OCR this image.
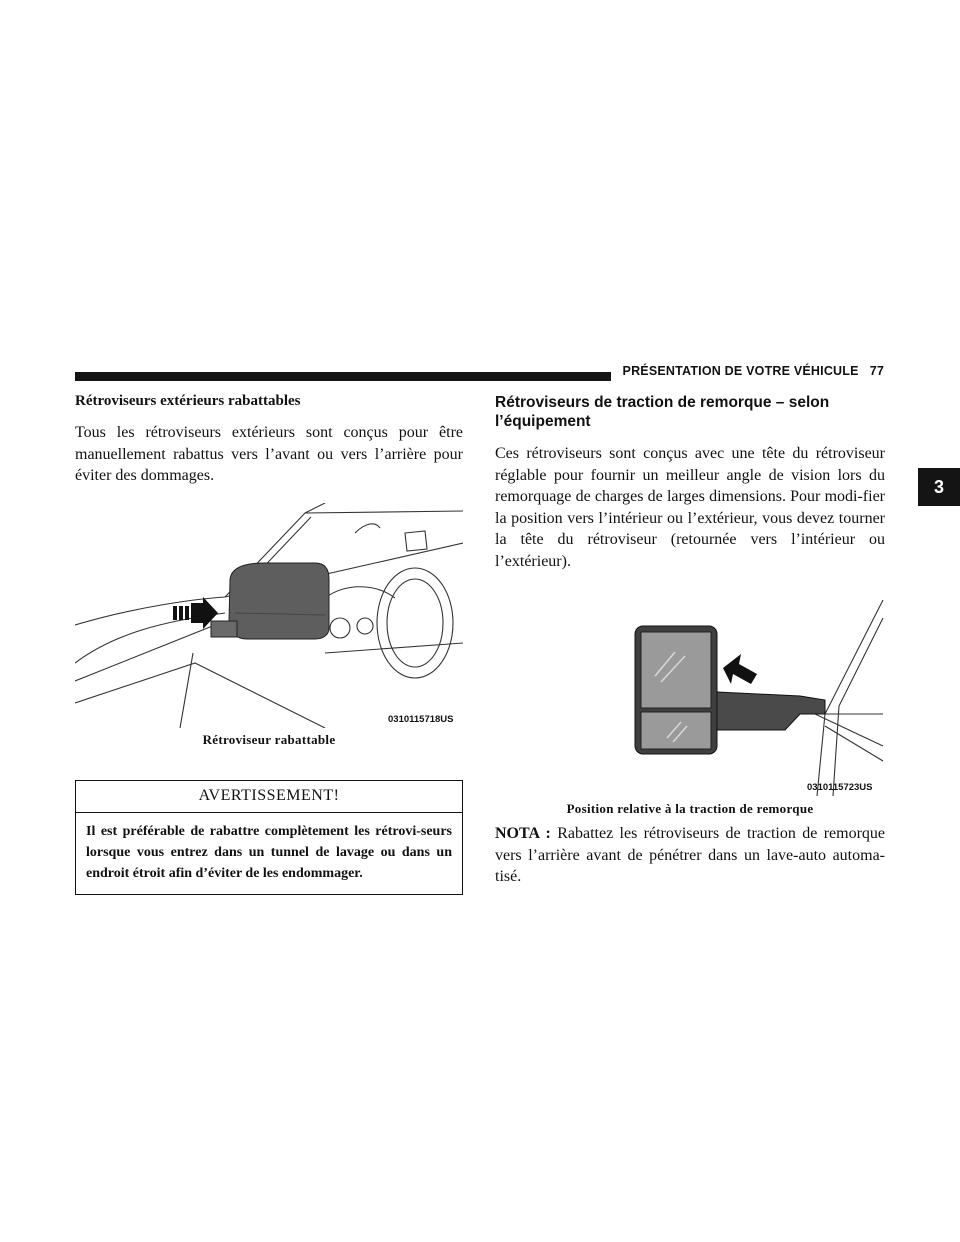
PRÉSENTATION DE VOTRE VÉHICULE 77
3
Rétroviseurs extérieurs rabattables

Tous les rétroviseurs extérieurs sont conçus pour être manuellement rabattus vers l’avant ou vers l’arrière pour éviter des dommages.

0310115718US
Rétroviseur rabattable
AVERTISSEMENT!
Il est préférable de rabattre complètement les rétrovi-seurs lorsque vous entrez dans un tunnel de lavage ou dans un endroit étroit afin d’éviter de les endommager.
Rétroviseurs de traction de remorque – selon l’équipement

Ces rétroviseurs sont conçus avec une tête du rétroviseur réglable pour fournir un meilleur angle de vision lors du remorquage de charges de larges dimensions. Pour modi-fier la position vers l’intérieur ou l’extérieur, vous devez tourner la tête du rétroviseur (retournée vers l’intérieur ou l’extérieur).

0310115723US
Position relative à la traction de remorque

NOTA : Rabattez les rétroviseurs de traction de remorque vers l’arrière avant de pénétrer dans un lave-auto automa-tisé.
